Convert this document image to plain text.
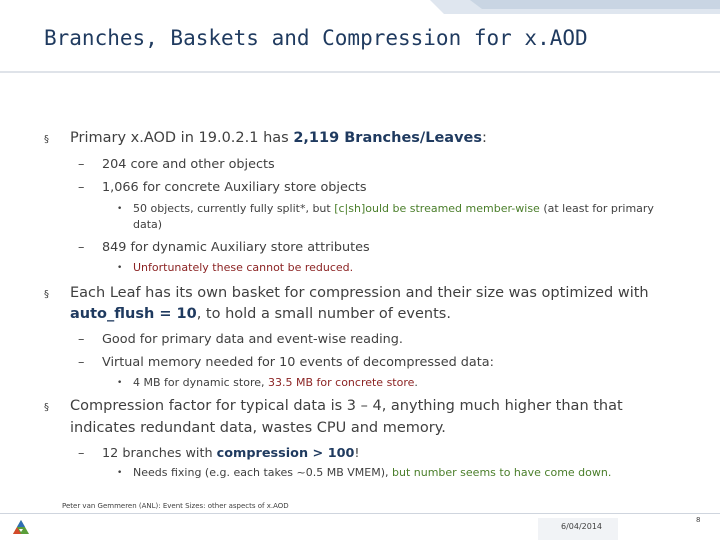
Branches, Baskets and Compression for x.AOD
§ Primary x.AOD in 19.0.2.1 has 2,119 Branches/Leaves:
– 204 core and other objects
– 1,066 for concrete Auxiliary store objects
• 50 objects, currently fully split*, but [c|sh]ould be streamed member-wise (at least for primary
data)
– 849 for dynamic Auxiliary store attributes
• Unfortunately these cannot be reduced.
§ Each Leaf has its own basket for compression and their size was optimized with
auto_flush = 10, to hold a small number of events.
– Good for primary data and event-wise reading.
– Virtual memory needed for 10 events of decompressed data:
• 4 MB for dynamic store, 33.5 MB for concrete store.
§ Compression factor for typical data is 3 – 4, anything much higher than that
indicates redundant data, wastes CPU and memory.
– 12 branches with compression > 100!
• Needs fixing (e.g. each takes ~0.5 MB VMEM), but number seems to have come down.
Peter van Gemmeren (ANL): Event Sizes: other aspects of x.AOD
6/04/2014
8
